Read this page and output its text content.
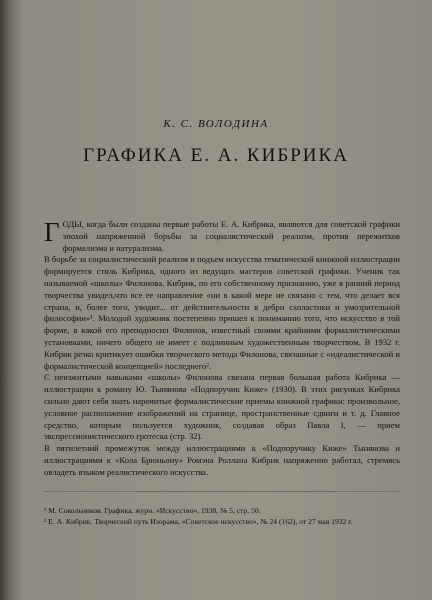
К. С. ВОЛОДИНА
ГРАФИКА Е. А. КИБРИКА

ГОДЫ, когда были созданы первые работы Е. А. Кибрика, являются для советской графики эпохой напряженной борьбы за социалистический реализм, против пережитков формализма и натурализма.

В борьбе за социалистический реализм и подъем искусства тематической книжной иллюстрации формируется стиль Кибрика, одного из ведущих мастеров советской графики. Ученик так называемой «школы» Филонова, Кибрик, по его собственному признанию, уже в ранний период творчества увидел,что все ее направление «ни в какой мере не связано с тем, что делает вся страна, и, более того, уводит... от действительности в дебри схоластики и умозрительной философии»¹. Молодой художник постепенно пришел к пониманию того, что искусство в той форме, в какой его преподносил Филонов, известный своими крайними формалистическими установками, ничего общего не имеет с подлинным художественным творчеством. В 1932 г. Кибрик резко критикует ошибки творческого метода Филонова, связанные с «идеалистической и формалистической концепцией» последнего².

С неизжитыми навыками «школы» Филонова связана первая большая работа Кибрика — иллюстрации к роману Ю. Тынянова «Подпоручик Киже» (1930). В этих рисунках Кибрика сильно дают себя знать нарочитые формалистические приемы книжной графики: произвольное, условное расположение изображений на странице, пространственные сдвиги и т. д. Главное средство, которым пользуется художник, создавая образ Павла I, — прием экспрессионистического гротеска (стр. 32).

В пятилетний промежуток между иллюстрациями к «Подпоручику Киже» Тынянова и иллюстрациями к «Кола Брюньону» Ромэна Роллана Кибрик напряженно работал, стремясь овладеть языком реалистического искусства.

¹ М. Сокольников. Графика, журн. «Искусство», 1938, № 5, стр. 50.
² Е. А. Кибрик. Творческий путь Изорама, «Советское искусство», № 24 (162), от 27 мая 1932 г.
